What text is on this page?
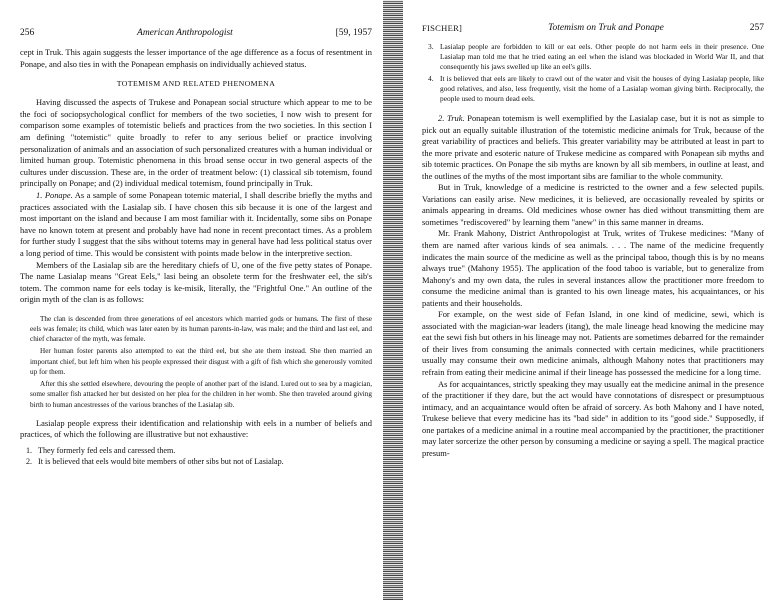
256	American Anthropologist	[59, 1957

cept in Truk. This again suggests the lesser importance of the age difference as a focus of resentment in Ponape, and also ties in with the Ponapean emphasis on individually achieved status.

TOTEMISM AND RELATED PHENOMENA

Having discussed the aspects of Trukese and Ponapean social structure which appear to me to be the foci of sociopsychological conflict for members of the two societies, I now wish to present for comparison some examples of totemistic beliefs and practices from the two societies. In this section I am defining "totemistic" quite broadly to refer to any serious belief or practice involving personalization of animals and an association of such personalized creatures with a human individual or limited human group. Totemistic phenomena in this broad sense occur in two general aspects of the cultures under discussion. These are, in the order of treatment below: (1) classical sib totemism, found principally on Ponape; and (2) individual medical totemism, found principally in Truk.

1. Ponape. As a sample of some Ponapean totemic material, I shall describe briefly the myths and practices associated with the Lasialap sib. I have chosen this sib because it is one of the largest and most important on the island and because I am most familiar with it. Incidentally, some sibs on Ponape have no known totem at present and probably have had none in recent precontact times. As a problem for further study I suggest that the sibs without totems may in general have had less political status over a long period of time. This would be consistent with points made below in the interpretive section.

Members of the Lasialap sib are the hereditary chiefs of U, one of the five petty states of Ponape. The name Lasialap means "Great Eels," lasi being an obsolete term for the freshwater eel, the sib's totem. The common name for eels today is ke-misik, literally, the "Frightful One." An outline of the origin myth of the clan is as follows:

The clan is descended from three generations of eel ancestors which married gods or humans. The first of these eels was female; its child, which was later eaten by its human parents-in-law, was male; and the third and last eel, and chief character of the myth, was female.

Her human foster parents also attempted to eat the third eel, but she ate them instead. She then married an important chief, but left him when his people expressed their disgust with a gift of fish which she generously vomited up for them.

After this she settled elsewhere, devouring the people of another part of the island. Lured out to sea by a magician, some smaller fish attacked her but desisted on her plea for the children in her womb. She then traveled around giving birth to human ancestresses of the various branches of the Lasialap sib.

Lasialap people express their identification and relationship with eels in a number of beliefs and practices, of which the following are illustrative but not exhaustive:

1. They formerly fed eels and caressed them.
2. It is believed that eels would bite members of other sibs but not of Lasialap.
FISCHER]	Totemism on Truk and Ponape	257
3. Lasialap people are forbidden to kill or eat eels. Other people do not harm eels in their presence. One Lasialap man told me that he tried eating an eel when the island was blockaded in World War II, and that consequently his jaws swelled up like an eel's gills.
4. It is believed that eels are likely to crawl out of the water and visit the houses of dying Lasialap people, like good relatives, and also, less frequently, visit the home of a Lasialap woman giving birth. Reciprocally, the people used to mourn dead eels.

2. Truk. Ponapean totemism is well exemplified by the Lasialap case, but it is not as simple to pick out an equally suitable illustration of the totemistic medicine animals for Truk, because of the great variability of practices and beliefs. This greater variability may be attributed at least in part to the more private and esoteric nature of Trukese medicine as compared with Ponapean sib myths and sib totemic practices. On Ponape the sib myths are known by all sib members, in outline at least, and the outlines of the myths of the most important sibs are familiar to the whole community.

But in Truk, knowledge of a medicine is restricted to the owner and a few selected pupils. Variations can easily arise. New medicines, it is believed, are occasionally revealed by spirits or animals appearing in dreams. Old medicines whose owner has died without transmitting them are sometimes "rediscovered" by learning them "anew" in this same manner in dreams.

Mr. Frank Mahony, District Anthropologist at Truk, writes of Trukese medicines: "Many of them are named after various kinds of sea animals. . . . The name of the medicine frequently indicates the main source of the medicine as well as the principal taboo, though this is by no means always true" (Mahony 1955). The application of the food taboo is variable, but to generalize from Mahony's and my own data, the rules in several instances allow the practitioner more freedom to consume the medicine animal than is granted to his own lineage mates, his acquaintances, or his patients and their households.

For example, on the west side of Fefan Island, in one kind of medicine, sewi, which is associated with the magician-war leaders (itang), the male lineage head knowing the medicine may eat the sewi fish but others in his lineage may not. Patients are sometimes debarred for the remainder of their lives from consuming the animals connected with certain medicines, while practitioners usually may consume their own medicine animals, although Mahony notes that practitioners may refrain from eating their medicine animal if their lineage has possessed the medicine for a long time.

As for acquaintances, strictly speaking they may usually eat the medicine animal in the presence of the practitioner if they dare, but the act would have connotations of disrespect or presumptuous intimacy, and an acquaintance would often be afraid of sorcery. As both Mahony and I have noted, Trukese believe that every medicine has its "bad side" in addition to its "good side." Supposedly, if one partakes of a medicine animal in a routine meal accompanied by the practitioner, the practitioner may later sorcerize the other person by consuming a medicine or saying a spell. The magical practice presum-
